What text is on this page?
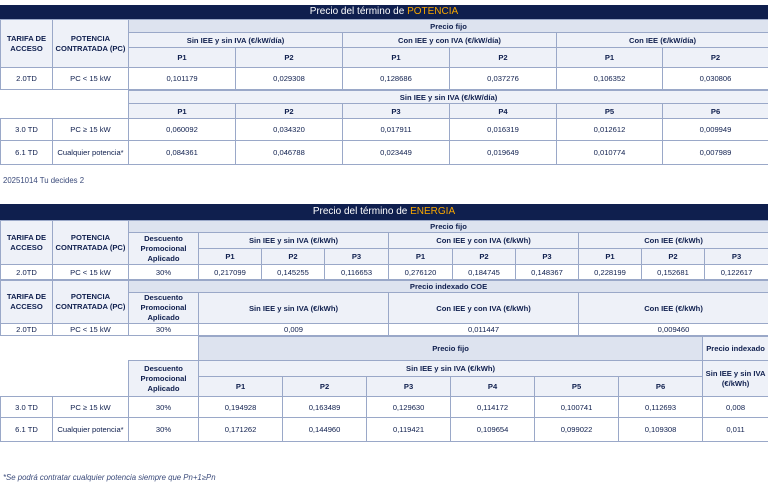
Precio del término de POTENCIA
TARIFA DE ACCESO	POTENCIA CONTRATADA (PC)	Precio fijo					
		Sin IEE y sin IVA (€/kW/día)		Con IEE y con IVA (€/kW/día)		Con IEE (€/kW/día)	
		P1	P2	P1	P2	P1	P2
2.0TD	PC < 15 kW	0,101179	0,029308	0,128686	0,037276	0,106352	0,030806
		Sin IEE y sin IVA (€/kW/día)					
		P1	P2	P3	P4	P5	P6
3.0 TD	PC ≥ 15 kW	0,060092	0,034320	0,017911	0,016319	0,012612	0,009949
6.1 TD	Cualquier potencia*	0,084361	0,046788	0,023449	0,019649	0,010774	0,007989
20251014 Tu decides 2
Precio del término de ENERGIA
TARIFA DE ACCESO	POTENCIA CONTRATADA (PC)	Precio fijo									
		Descuento Promocional Aplicado	Sin IEE y sin IVA (€/kWh)			Con IEE y con IVA (€/kWh)			Con IEE (€/kWh)		
			P1	P2	P3	P1	P2	P3	P1	P2	P3
2.0TD	PC < 15 kW	30%	0,217099	0,145255	0,116653	0,276120	0,184745	0,148367	0,228199	0,152681	0,122617
TARIFA DE ACCESO	POTENCIA CONTRATADA (PC)	Precio indexado COE			
		Descuento Promocional Aplicado	Sin IEE y sin IVA (€/kWh)	Con IEE y con IVA (€/kWh)	Con IEE (€/kWh)
2.0TD	PC < 15 kW	30%	0,009	0,011447	0,009460
			Precio fijo						Precio indexado
		Descuento Promocional Aplicado	Sin IEE y sin IVA (€/kWh)						Sin IEE y sin IVA (€/kWh)
			P1	P2	P3	P4	P5	P6	
3.0 TD	PC ≥ 15 kW	30%	0,194928	0,163489	0,129630	0,114172	0,100741	0,112693	0,008
6.1 TD	Cualquier potencia*	30%	0,171262	0,144960	0,119421	0,109654	0,099022	0,109308	0,011
*Se podrá contratar cualquier potencia siempre que Pn+1≥Pn
